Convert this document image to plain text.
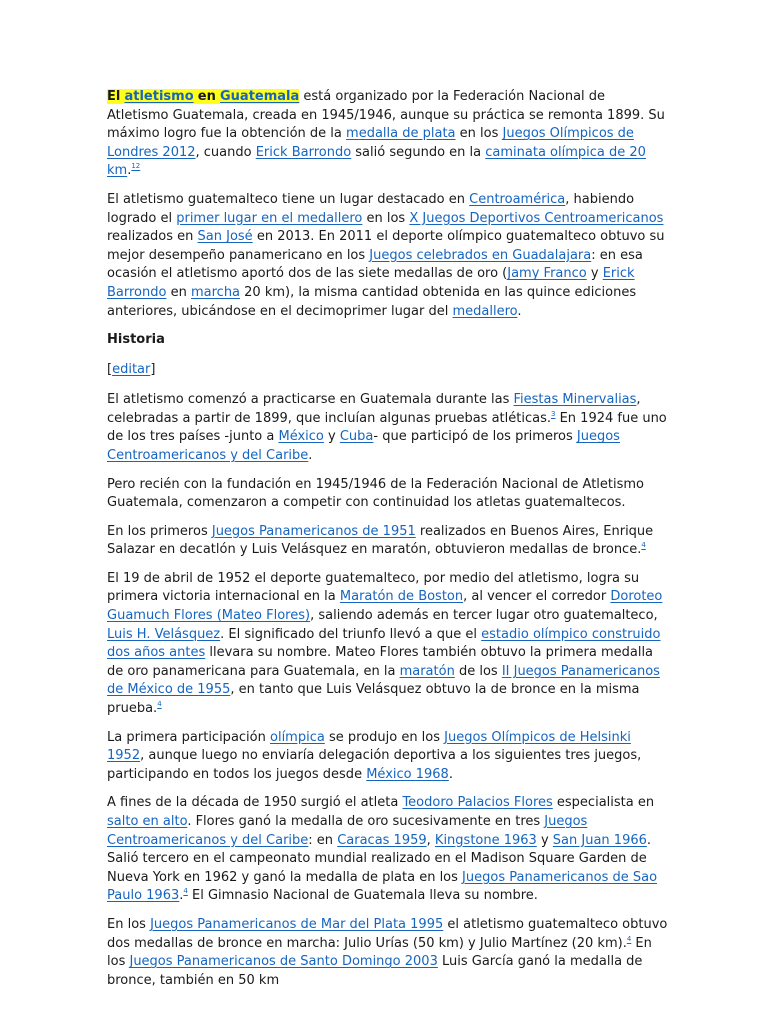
El atletismo en Guatemala está organizado por la Federación Nacional de Atletismo Guatemala, creada en 1945/1946, aunque su práctica se remonta 1899. Su máximo logro fue la obtención de la medalla de plata en los Juegos Olímpicos de Londres 2012, cuando Erick Barrondo salió segundo en la caminata olímpica de 20 km.$^{12}$

El atletismo guatemalteco tiene un lugar destacado en Centroamérica, habiendo logrado el primer lugar en el medallero en los X Juegos Deportivos Centroamericanos realizados en San José en 2013. En 2011 el deporte olímpico guatemalteco obtuvo su mejor desempeño panamericano en los Juegos celebrados en Guadalajara: en esa ocasión el atletismo aportó dos de las siete medallas de oro (Jamy Franco y Erick Barrondo en marcha 20 km), la misma cantidad obtenida en las quince ediciones anteriores, ubicándose en el decimoprimer lugar del medallero.

Historia

[editar]

El atletismo comenzó a practicarse en Guatemala durante las Fiestas Minervalias, celebradas a partir de 1899, que incluían algunas pruebas atléticas.$^3$ En 1924 fue uno de los tres países -junto a México y Cuba- que participó de los primeros Juegos Centroamericanos y del Caribe.

Pero recién con la fundación en 1945/1946 de la Federación Nacional de Atletismo Guatemala, comenzaron a competir con continuidad los atletas guatemaltecos.

En los primeros Juegos Panamericanos de 1951 realizados en Buenos Aires, Enrique Salazar en decatlón y Luis Velásquez en maratón, obtuvieron medallas de bronce.$^4$

El 19 de abril de 1952 el deporte guatemalteco, por medio del atletismo, logra su primera victoria internacional en la Maratón de Boston, al vencer el corredor Doroteo Guamuch Flores (Mateo Flores), saliendo además en tercer lugar otro guatemalteco, Luis H. Velásquez. El significado del triunfo llevó a que el estadio olímpico construido dos años antes llevara su nombre. Mateo Flores también obtuvo la primera medalla de oro panamericana para Guatemala, en la maratón de los II Juegos Panamericanos de México de 1955, en tanto que Luis Velásquez obtuvo la de bronce en la misma prueba.$^4$

La primera participación olímpica se produjo en los Juegos Olímpicos de Helsinki 1952, aunque luego no enviaría delegación deportiva a los siguientes tres juegos, participando en todos los juegos desde México 1968.

A fines de la década de 1950 surgió el atleta Teodoro Palacios Flores especialista en salto en alto. Flores ganó la medalla de oro sucesivamente en tres Juegos Centroamericanos y del Caribe: en Caracas 1959, Kingstone 1963 y San Juan 1966. Salió tercero en el campeonato mundial realizado en el Madison Square Garden de Nueva York en 1962 y ganó la medalla de plata en los Juegos Panamericanos de Sao Paulo 1963.$^4$ El Gimnasio Nacional de Guatemala lleva su nombre.

En los Juegos Panamericanos de Mar del Plata 1995 el atletismo guatemalteco obtuvo dos medallas de bronce en marcha: Julio Urías (50 km) y Julio Martínez (20 km).$^4$ En los Juegos Panamericanos de Santo Domingo 2003 Luis García ganó la medalla de bronce, también en 50 km
